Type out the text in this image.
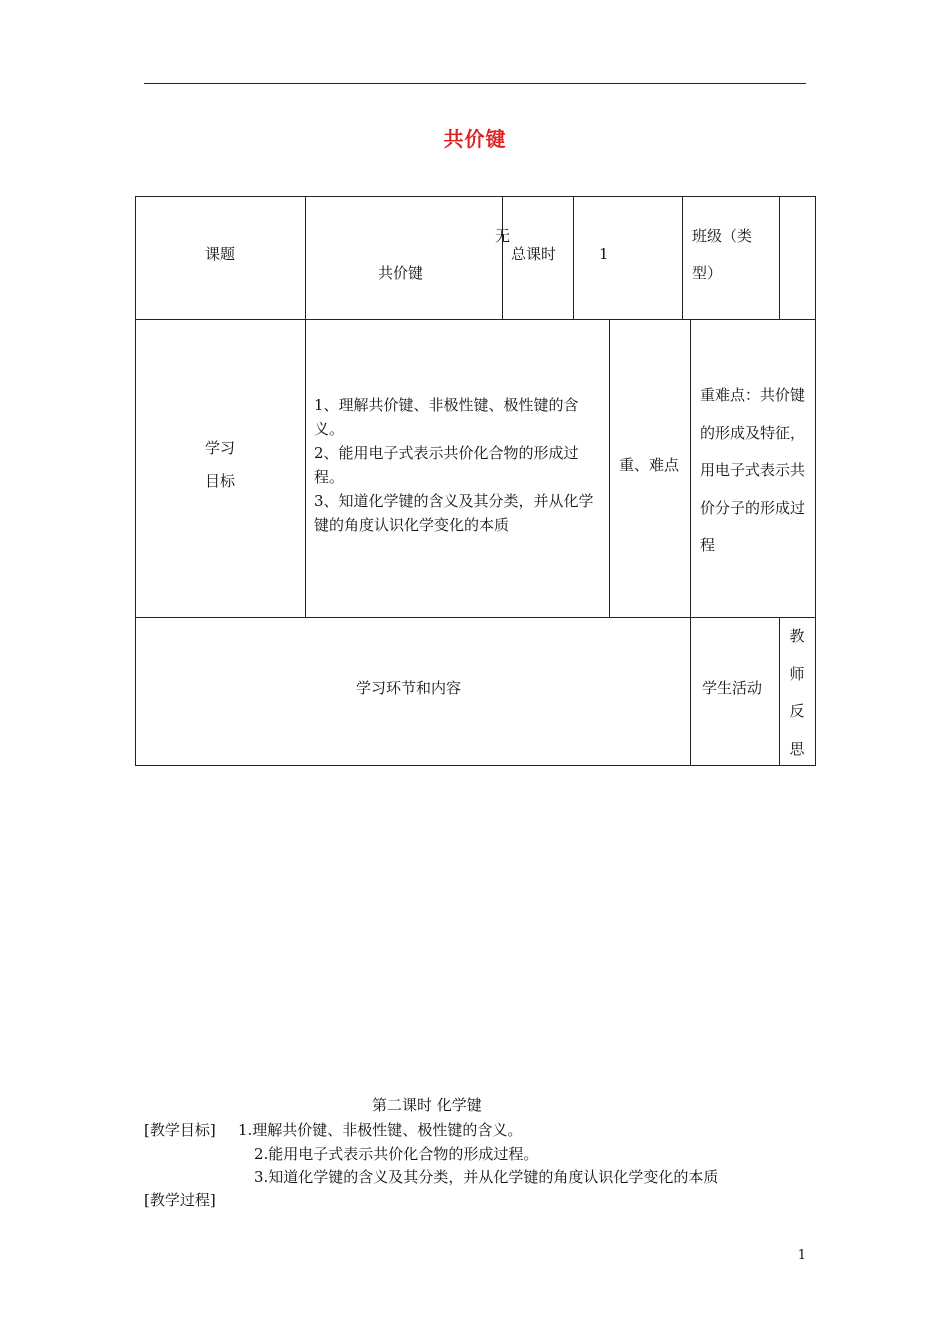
共价键
课题
无
共价键
总课时	1
班级（类
型）
学习
目标
1、理解共价键、非极性键、极性键的含义。
2、能用电子式表示共价化合物的形成过程。
3、知道化学键的含义及其分类，并从化学键的角度认识化学变化的本质
重、难点
重难点：共价键的形成及特征，用电子式表示共价分子的形成过程
学习环节和内容	学生活动
教
师
反
思
第二课时 化学键
[教学目标] 1.理解共价键、非极性键、极性键的含义。
2.能用电子式表示共价化合物的形成过程。
3.知道化学键的含义及其分类，并从化学键的角度认识化学变化的本质
[教学过程]
1
